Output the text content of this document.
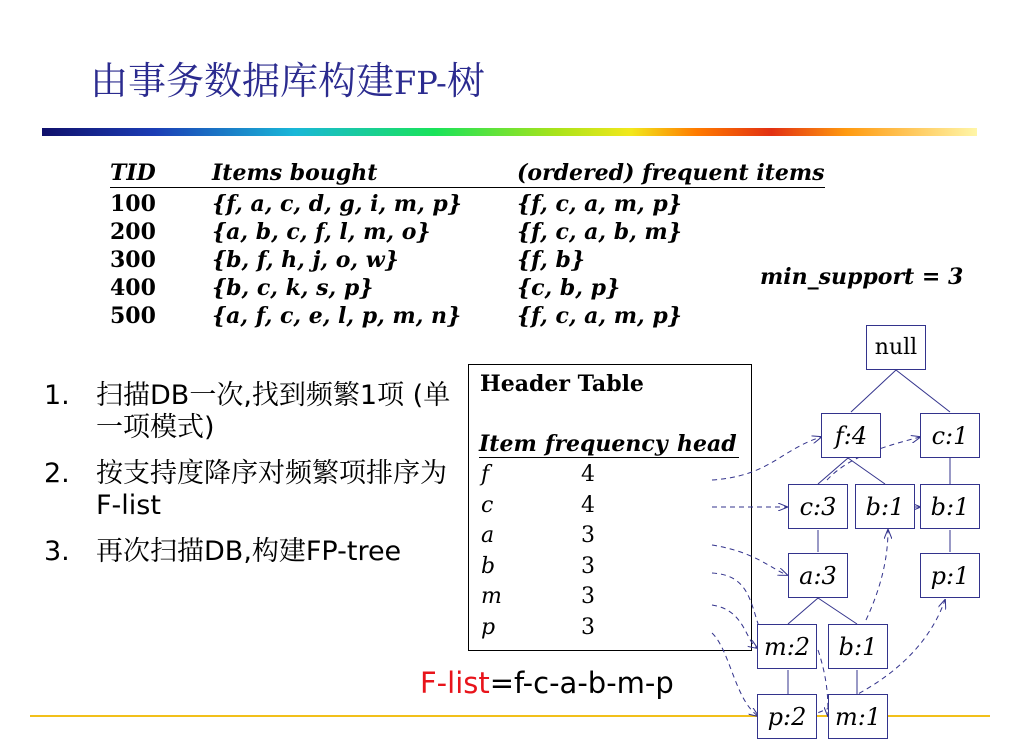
由事务数据库构建FP-树
TID	Items bought	(ordered) frequent items
100	{f, a, c, d, g, i, m, p}	{f, c, a, m, p}
200	{a, b, c, f, l, m, o}	{f, c, a, b, m}
300	{b, f, h, j, o, w}	{f, b}
400	{b, c, k, s, p}	{c, b, p}
500	{a, f, c, e, l, p, m, n}	{f, c, a, m, p}
min_support = 3
1. 扫描DB一次,找到频繁1项 (单一项模式)
2. 按支持度降序对频繁项排序为 F-list
3. 再次扫描DB,构建FP-tree
Header Table
Item frequency head
f	4
c	4
a	3
b	3
m	3
p	3
F-list=f-c-a-b-m-p
null
f:4	c:1
c:3	b:1	b:1
a:3	p:1
m:2	b:1
p:2	m:1
